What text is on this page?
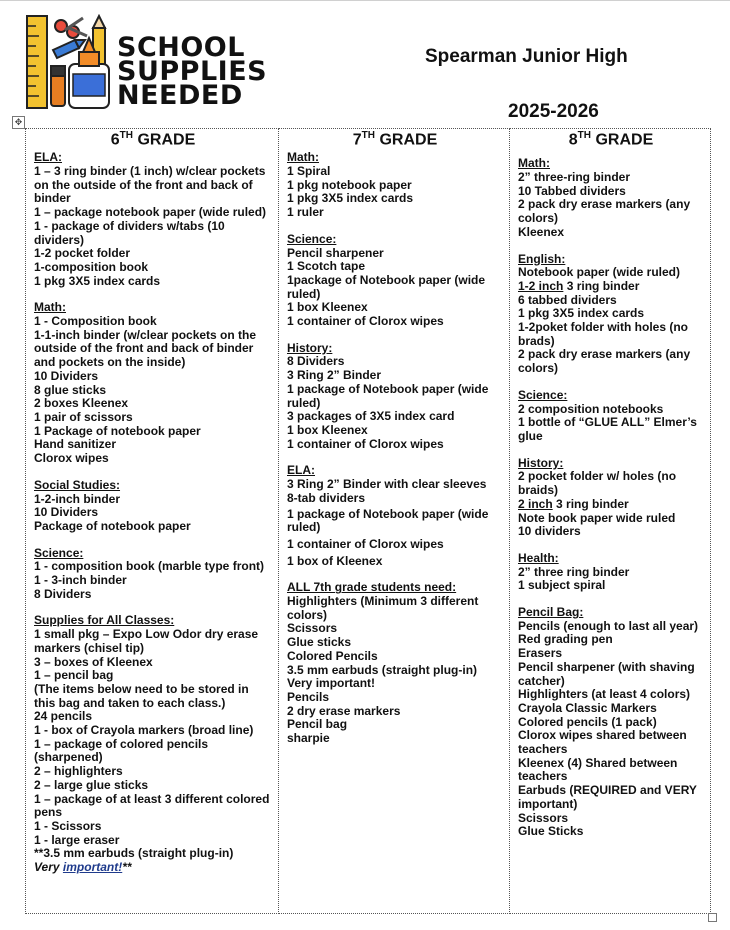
SCHOOL
SUPPLIES
NEEDED
Spearman Junior High
2025-2026
✥
6TH GRADE
ELA:
1 – 3 ring binder (1 inch) w/clear pockets on the outside of the front and back of binder
1 – package notebook paper (wide ruled)
1 - package of dividers w/tabs (10 dividers)
1-2 pocket folder
1-composition book
1 pkg 3X5 index cards
Math:
1 - Composition book
1-1-inch binder (w/clear pockets on the outside of the front and back of binder and pockets on the inside)
10 Dividers
8 glue sticks
2 boxes Kleenex
1 pair of scissors
1 Package of notebook paper
Hand sanitizer
Clorox wipes
Social Studies:
1-2-inch binder
10 Dividers
Package of notebook paper
Science:
1 - composition book (marble type front)
1 - 3-inch binder
8 Dividers
Supplies for All Classes:
1 small pkg – Expo Low Odor dry erase markers (chisel tip)
3 – boxes of Kleenex
1 – pencil bag
(The items below need to be stored in this bag and taken to each class.)
24 pencils
1 - box of Crayola markers (broad line)
1 – package of colored pencils (sharpened)
2 – highlighters
2 – large glue sticks
1 – package of at least 3 different colored pens
1 - Scissors
1 - large eraser
**3.5 mm earbuds (straight plug-in)
Very important!**

7TH GRADE
Math:
1 Spiral
1 pkg notebook paper
1 pkg 3X5 index cards
1 ruler
Science:
Pencil sharpener
1 Scotch tape
1package of Notebook paper (wide ruled)
1 box Kleenex
1 container of Clorox wipes
History:
8 Dividers
3 Ring 2” Binder
1 package of Notebook paper (wide ruled)
3 packages of 3X5 index card
1 box Kleenex
1 container of Clorox wipes
ELA:
3 Ring 2” Binder with clear sleeves
8-tab dividers
1 package of Notebook paper (wide ruled)
1 container of Clorox wipes
1 box of Kleenex
ALL 7th grade students need:
Highlighters (Minimum 3 different colors)
Scissors
Glue sticks
Colored Pencils
3.5 mm earbuds (straight plug-in)
Very important!
Pencils
2 dry erase markers
Pencil bag
sharpie

8TH GRADE
Math:
2” three-ring binder
10 Tabbed dividers
2 pack dry erase markers (any colors)
Kleenex
English:
Notebook paper (wide ruled)
1-2 inch 3 ring binder
6 tabbed dividers
1 pkg 3X5 index cards
1-2poket folder with holes (no brads)
2 pack dry erase markers (any colors)
Science:
2 composition notebooks
1 bottle of “GLUE ALL” Elmer’s glue
History:
2 pocket folder w/ holes (no braids)
2 inch 3 ring binder
Note book paper wide ruled
10 dividers
Health:
2” three ring binder
1 subject spiral
Pencil Bag:
Pencils (enough to last all year)
Red grading pen
Erasers
Pencil sharpener (with shaving catcher)
Highlighters (at least 4 colors)
Crayola Classic Markers
Colored pencils (1 pack)
Clorox wipes shared between teachers
Kleenex (4) Shared between teachers
Earbuds (REQUIRED and VERY important)
Scissors
Glue Sticks
